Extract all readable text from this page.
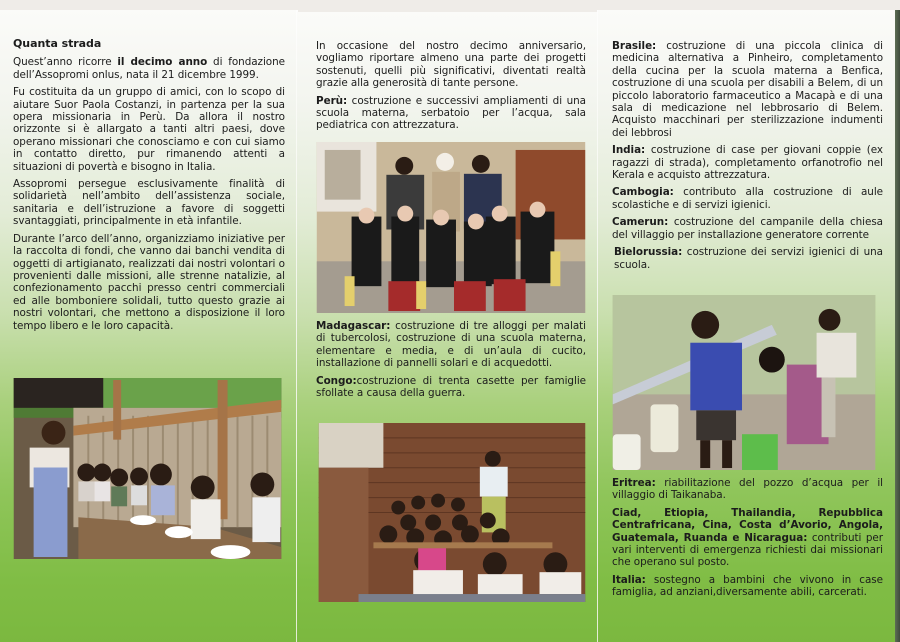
Quanta strada

Quest’anno ricorre il decimo anno di fondazione dell’Assopromi onlus, nata il 21 dicembre 1999.

Fu costituita da un gruppo di amici, con lo scopo di aiutare Suor Paola Costanzi, in partenza per la sua opera missionaria in Perù. Da allora il nostro orizzonte si è allargato a tanti altri paesi, dove operano missionari che conosciamo e con cui siamo in contatto diretto, pur rimanendo attenti a situazioni di povertà e bisogno in Italia.

Assopromi persegue esclusivamente finalità di solidarietà nell’ambito dell’assistenza sociale, sanitaria e dell’istruzione a favore di soggetti svantaggiati, principalmente in età infantile.

Durante l’arco dell’anno, organizziamo iniziative per la raccolta di fondi, che vanno dai banchi vendita di oggetti di artigianato, realizzati dai nostri volontari o provenienti dalle missioni, alle strenne natalizie, al confezionamento pacchi presso centri commerciali ed alle bomboniere solidali, tutto questo grazie ai nostri volontari, che mettono a disposizione il loro tempo libero e le loro capacità.

In occasione del nostro decimo anniversario, vogliamo riportare almeno una parte dei progetti sostenuti, quelli più significativi, diventati realtà grazie alla generosità di tante persone.

Perù: costruzione e successivi ampliamenti di una scuola materna, serbatoio per l’acqua, sala pediatrica con attrezzatura.

Madagascar: costruzione di tre alloggi per malati di tubercolosi, costruzione di una scuola materna, elementare e media, e di un’aula di cucito, installazione di pannelli solari e di acquedotti.

Congo:costruzione di trenta casette per famiglie sfollate a causa della guerra.

Brasile: costruzione di una piccola clinica di medicina alternativa a Pinheiro, completamento della cucina per la scuola materna a Benfica, costruzione di una scuola per disabili a Belem, di un piccolo laboratorio farmaceutico a Macapà e di una sala di medicazione nel lebbrosario di Belem. Acquisto macchinari per sterilizzazione indumenti dei lebbrosi

India: costruzione di case per giovani coppie (ex ragazzi di strada), completamento orfanotrofio nel Kerala e acquisto attrezzatura.

Cambogia: contributo alla costruzione di aule scolastiche e di servizi igienici.

Camerun: costruzione del campanile della chiesa del villaggio per installazione generatore corrente

Bielorussia: costruzione dei servizi igienici di una scuola.

Eritrea: riabilitazione del pozzo d’acqua per il villaggio di Taikanaba.

Ciad, Etiopia, Thailandia, Repubblica Centrafricana, Cina, Costa d’Avorio, Angola, Guatemala, Ruanda e Nicaragua: contributi per vari interventi di emergenza richiesti dai missionari che operano sul posto.

Italia: sostegno a bambini che vivono in case famiglia, ad anziani,diversamente abili, carcerati.
